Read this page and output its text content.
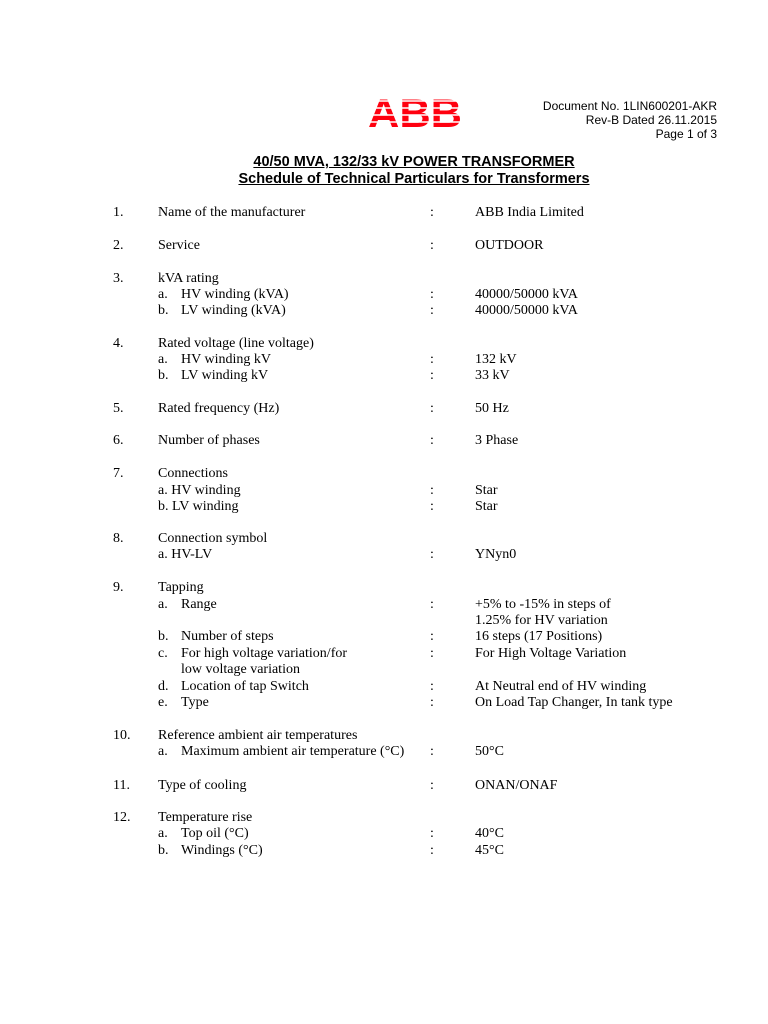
ABB	Document No. 1LIN600201-AKR
Rev-B Dated 26.11.2015
Page 1 of 3
40/50 MVA, 132/33 kV POWER TRANSFORMER
Schedule of Technical Particulars for Transformers
1. Name of the manufacturer	:	ABB India Limited
2. Service	:	OUTDOOR
3. kVA rating
a. HV winding (kVA)	:	40000/50000 kVA
b. LV winding (kVA)	:	40000/50000 kVA
4. Rated voltage (line voltage)
a. HV winding kV	:	132 kV
b. LV winding kV	:	33 kV
5. Rated frequency (Hz)	:	50 Hz
6. Number of phases	:	3 Phase
7. Connections
a. HV winding	:	Star
b. LV winding	:	Star
8. Connection symbol
a. HV-LV	:	YNyn0
9. Tapping
a. Range	:	+5% to -15% in steps of
1.25% for HV variation
b. Number of steps	:	16 steps (17 Positions)
c. For high voltage variation/for	:	For High Voltage Variation
low voltage variation
d. Location of tap Switch	:	At Neutral end of HV winding
e. Type	:	On Load Tap Changer, In tank type
10. Reference ambient air temperatures
a. Maximum ambient air temperature (°C) :	50°C
11. Type of cooling	:	ONAN/ONAF
12. Temperature rise
a. Top oil (°C)	:	40°C
b. Windings (°C)	:	45°C
